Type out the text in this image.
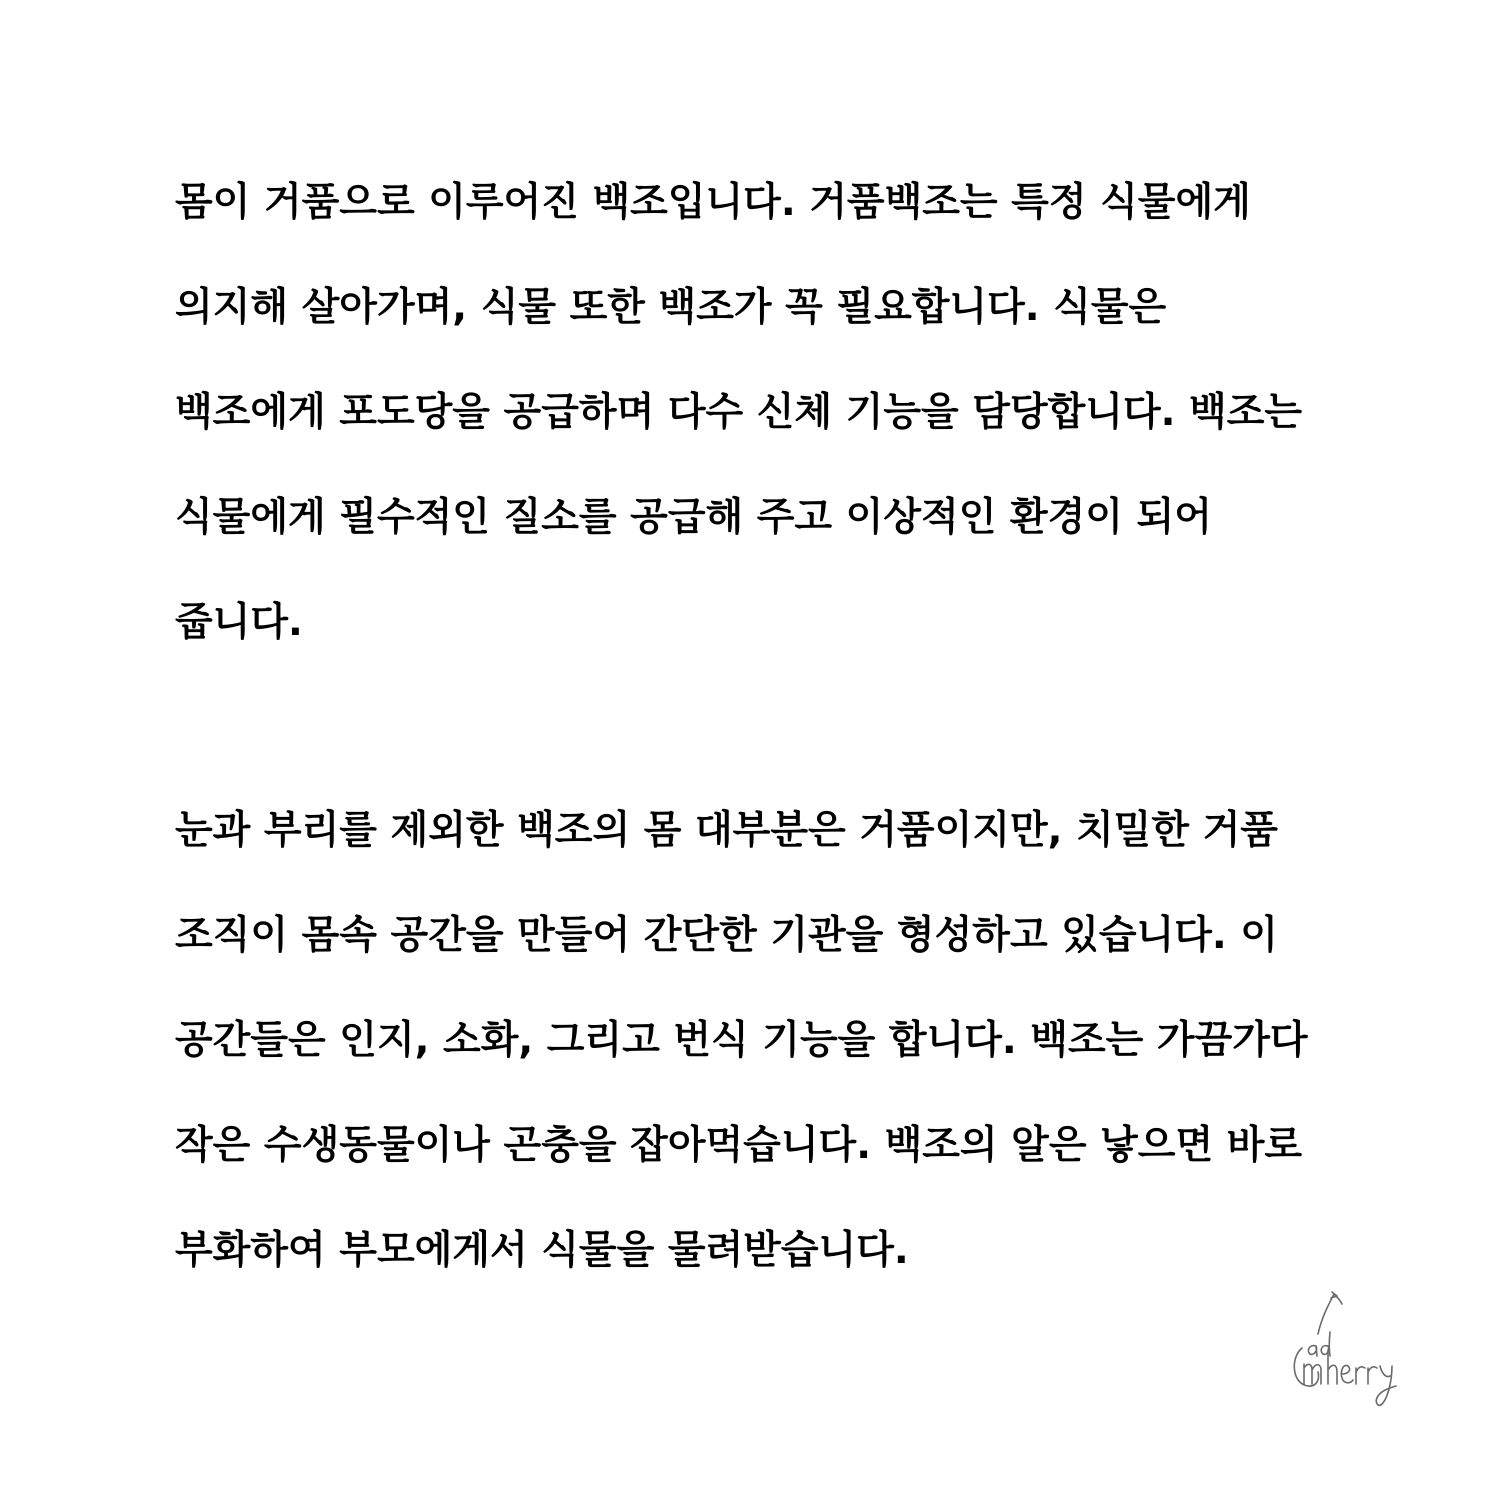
몸이 거품으로 이루어진 백조입니다. 거품백조는 특정 식물에게
의지해 살아가며, 식물 또한 백조가 꼭 필요합니다. 식물은
백조에게 포도당을 공급하며 다수 신체 기능을 담당합니다. 백조는
식물에게 필수적인 질소를 공급해 주고 이상적인 환경이 되어
줍니다.
눈과 부리를 제외한 백조의 몸 대부분은 거품이지만, 치밀한 거품
조직이 몸속 공간을 만들어 간단한 기관을 형성하고 있습니다. 이
공간들은 인지, 소화, 그리고 번식 기능을 합니다. 백조는 가끔가다
작은 수생동물이나 곤충을 잡아먹습니다. 백조의 알은 낳으면 바로
부화하여 부모에게서 식물을 물려받습니다.
